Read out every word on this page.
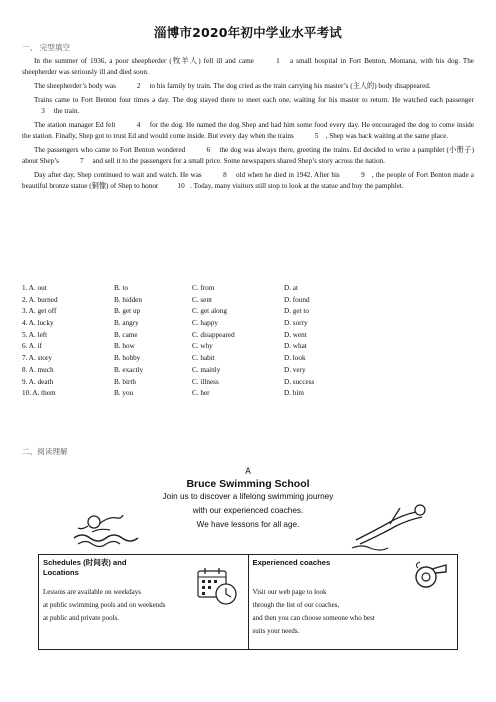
淄博市2020年初中学业水平考试
一、 完型填空

In the summer of 1936, a poor sheepherder (牧羊人) fell ill and came	1 a small hospital in Fort Benton, Montana, with his dog. The sheepherder was seriously ill and died soon.

The sheepherder’s body was	2 to his family by train. The dog cried as the train carrying his master’s (主人的) body disappeared.

Trains came to Fort Benton four times a day. The dog stayed there to meet each one, waiting for his master to return. He watched each passenger 3 the train.

The station manager Ed felt	4 for the dog. He named the dog Shep and had him some food every day. He encouraged the dog to come inside the station. Finally, Shep got to trust Ed and would come inside. But every day when the trains	5 , Shep was back waiting at the same place.

The passengers who came to Fort Benton wondered	6 the dog was always there, greeting the trains. Ed decided to write a pamphlet (小册子) about Shep’s	7 and sell it to the passengers for a small price. Some newspapers shared Shep’s story across the nation.

Day after day, Shep continued to wait and watch. He was	8 old when he died in 1942. After his	9 , the people of Fort Benton made a beautiful bronze statue (铜像) of Shep to honor	10 . Today, many visitors still stop to look at the statue and buy the pamphlet.

1. A. out	B. to	C. from	D. at
2. A. burned	B. hidden	C. sent	D. found
3. A. get off	B. get up	C. get along	D. get to
4. A. lucky	B. angry	C. happy	D. sorry
5. A. left	B. came	C. disappeared	D. went
6. A. if	B. how	C. why	D. what
7. A. story	B. hobby	C. habit	D. look
8. A. much	B. exactly	C. mainly	D. very
9. A. death	B. birth	C. illness	D. success
10. A. them	B. you	C. her	D. him
二、阅读理解
A
Bruce Swimming School
Join us to discover a lifelong swimming journey
with our experienced coaches.
We have lessons for all age.
Schedules (时间表) and
Locations
Lessons are available on weekdays
at public swimming pools and on weekends
at public and private pools.

Experienced coaches
Visit our web page to look
through the list of our coaches,
and then you can choose someone who best
suits your needs.
